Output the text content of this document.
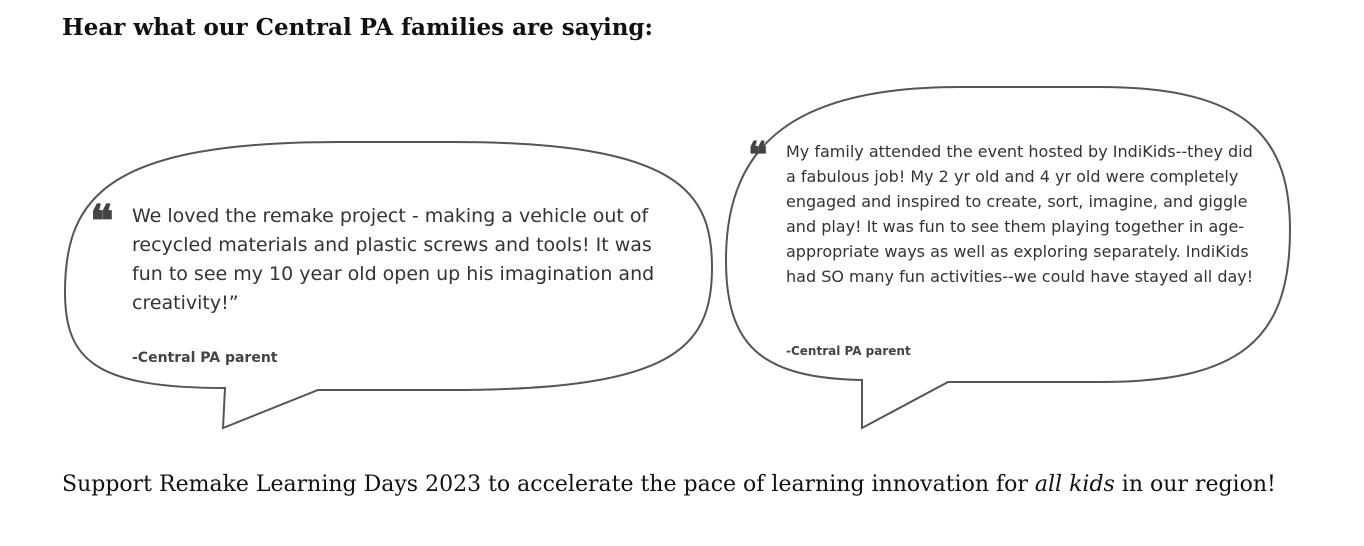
Hear what our Central PA families are saying:
❝ We loved the remake project - making a vehicle out of recycled materials and plastic screws and tools! It was fun to see my 10 year old open up his imagination and creativity!”
-Central PA parent
❝ My family attended the event hosted by IndiKids--they did a fabulous job! My 2 yr old and 4 yr old were completely engaged and inspired to create, sort, imagine, and giggle and play! It was fun to see them playing together in age-appropriate ways as well as exploring separately. IndiKids had SO many fun activities--we could have stayed all day!
-Central PA parent

Support Remake Learning Days 2023 to accelerate the pace of learning innovation for all kids in our region!
